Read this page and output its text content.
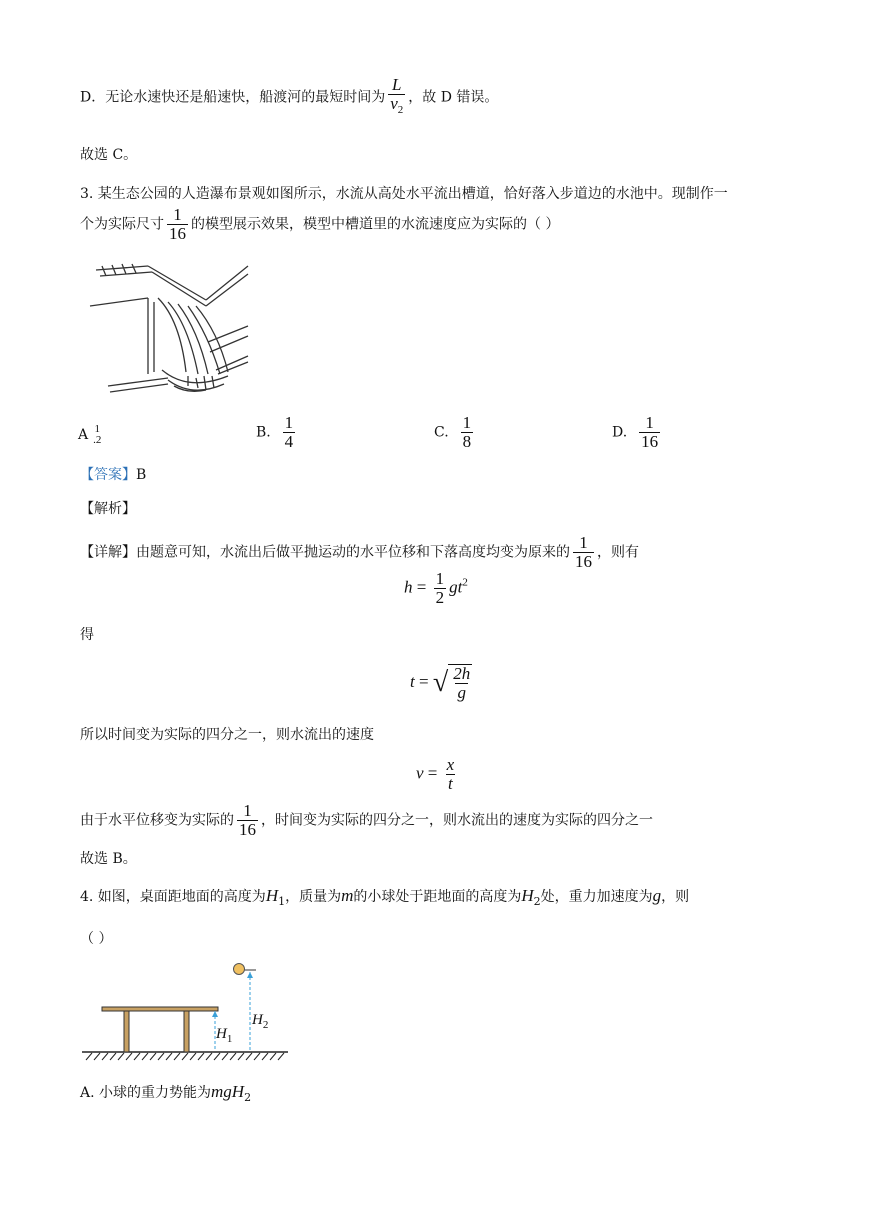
D．无论水速快还是船速快，船渡河的最短时间为 $\frac{L}{v_2}$ ，故 D 错误。
故选 C。
3. 某生态公园的人造瀑布景观如图所示，水流从高处水平流出槽道，恰好落入步道边的水池中。现制作一
个为实际尺寸 $\frac{1}{16}$ 的模型展示效果，模型中槽道里的水流速度应为实际的（ ）
A 1
.2	B. $\frac{1}{4}$	C. $\frac{1}{8}$	D. $\frac{1}{16}$
【答案】B
【解析】
【详解】由题意可知，水流出后做平抛运动的水平位移和下落高度均变为原来的 $\frac{1}{16}$ ，则有
$h = \frac{1}{2} gt^2$
得
t = √ $\frac{2h}{g}$
所以时间变为实际的四分之一，则水流出的速度
$v = \frac{x}{t}$
由于水平位移变为实际的 $\frac{1}{16}$ ，时间变为实际的四分之一，则水流出的速度为实际的四分之一
故选 B。
4. 如图，桌面距地面的高度为$H_1$，质量为m的小球处于距地面的高度为$H_2$处，重力加速度为g，则
（ ）
$H_1$
$H_2$
A. 小球的重力势能为mgH$_2$
